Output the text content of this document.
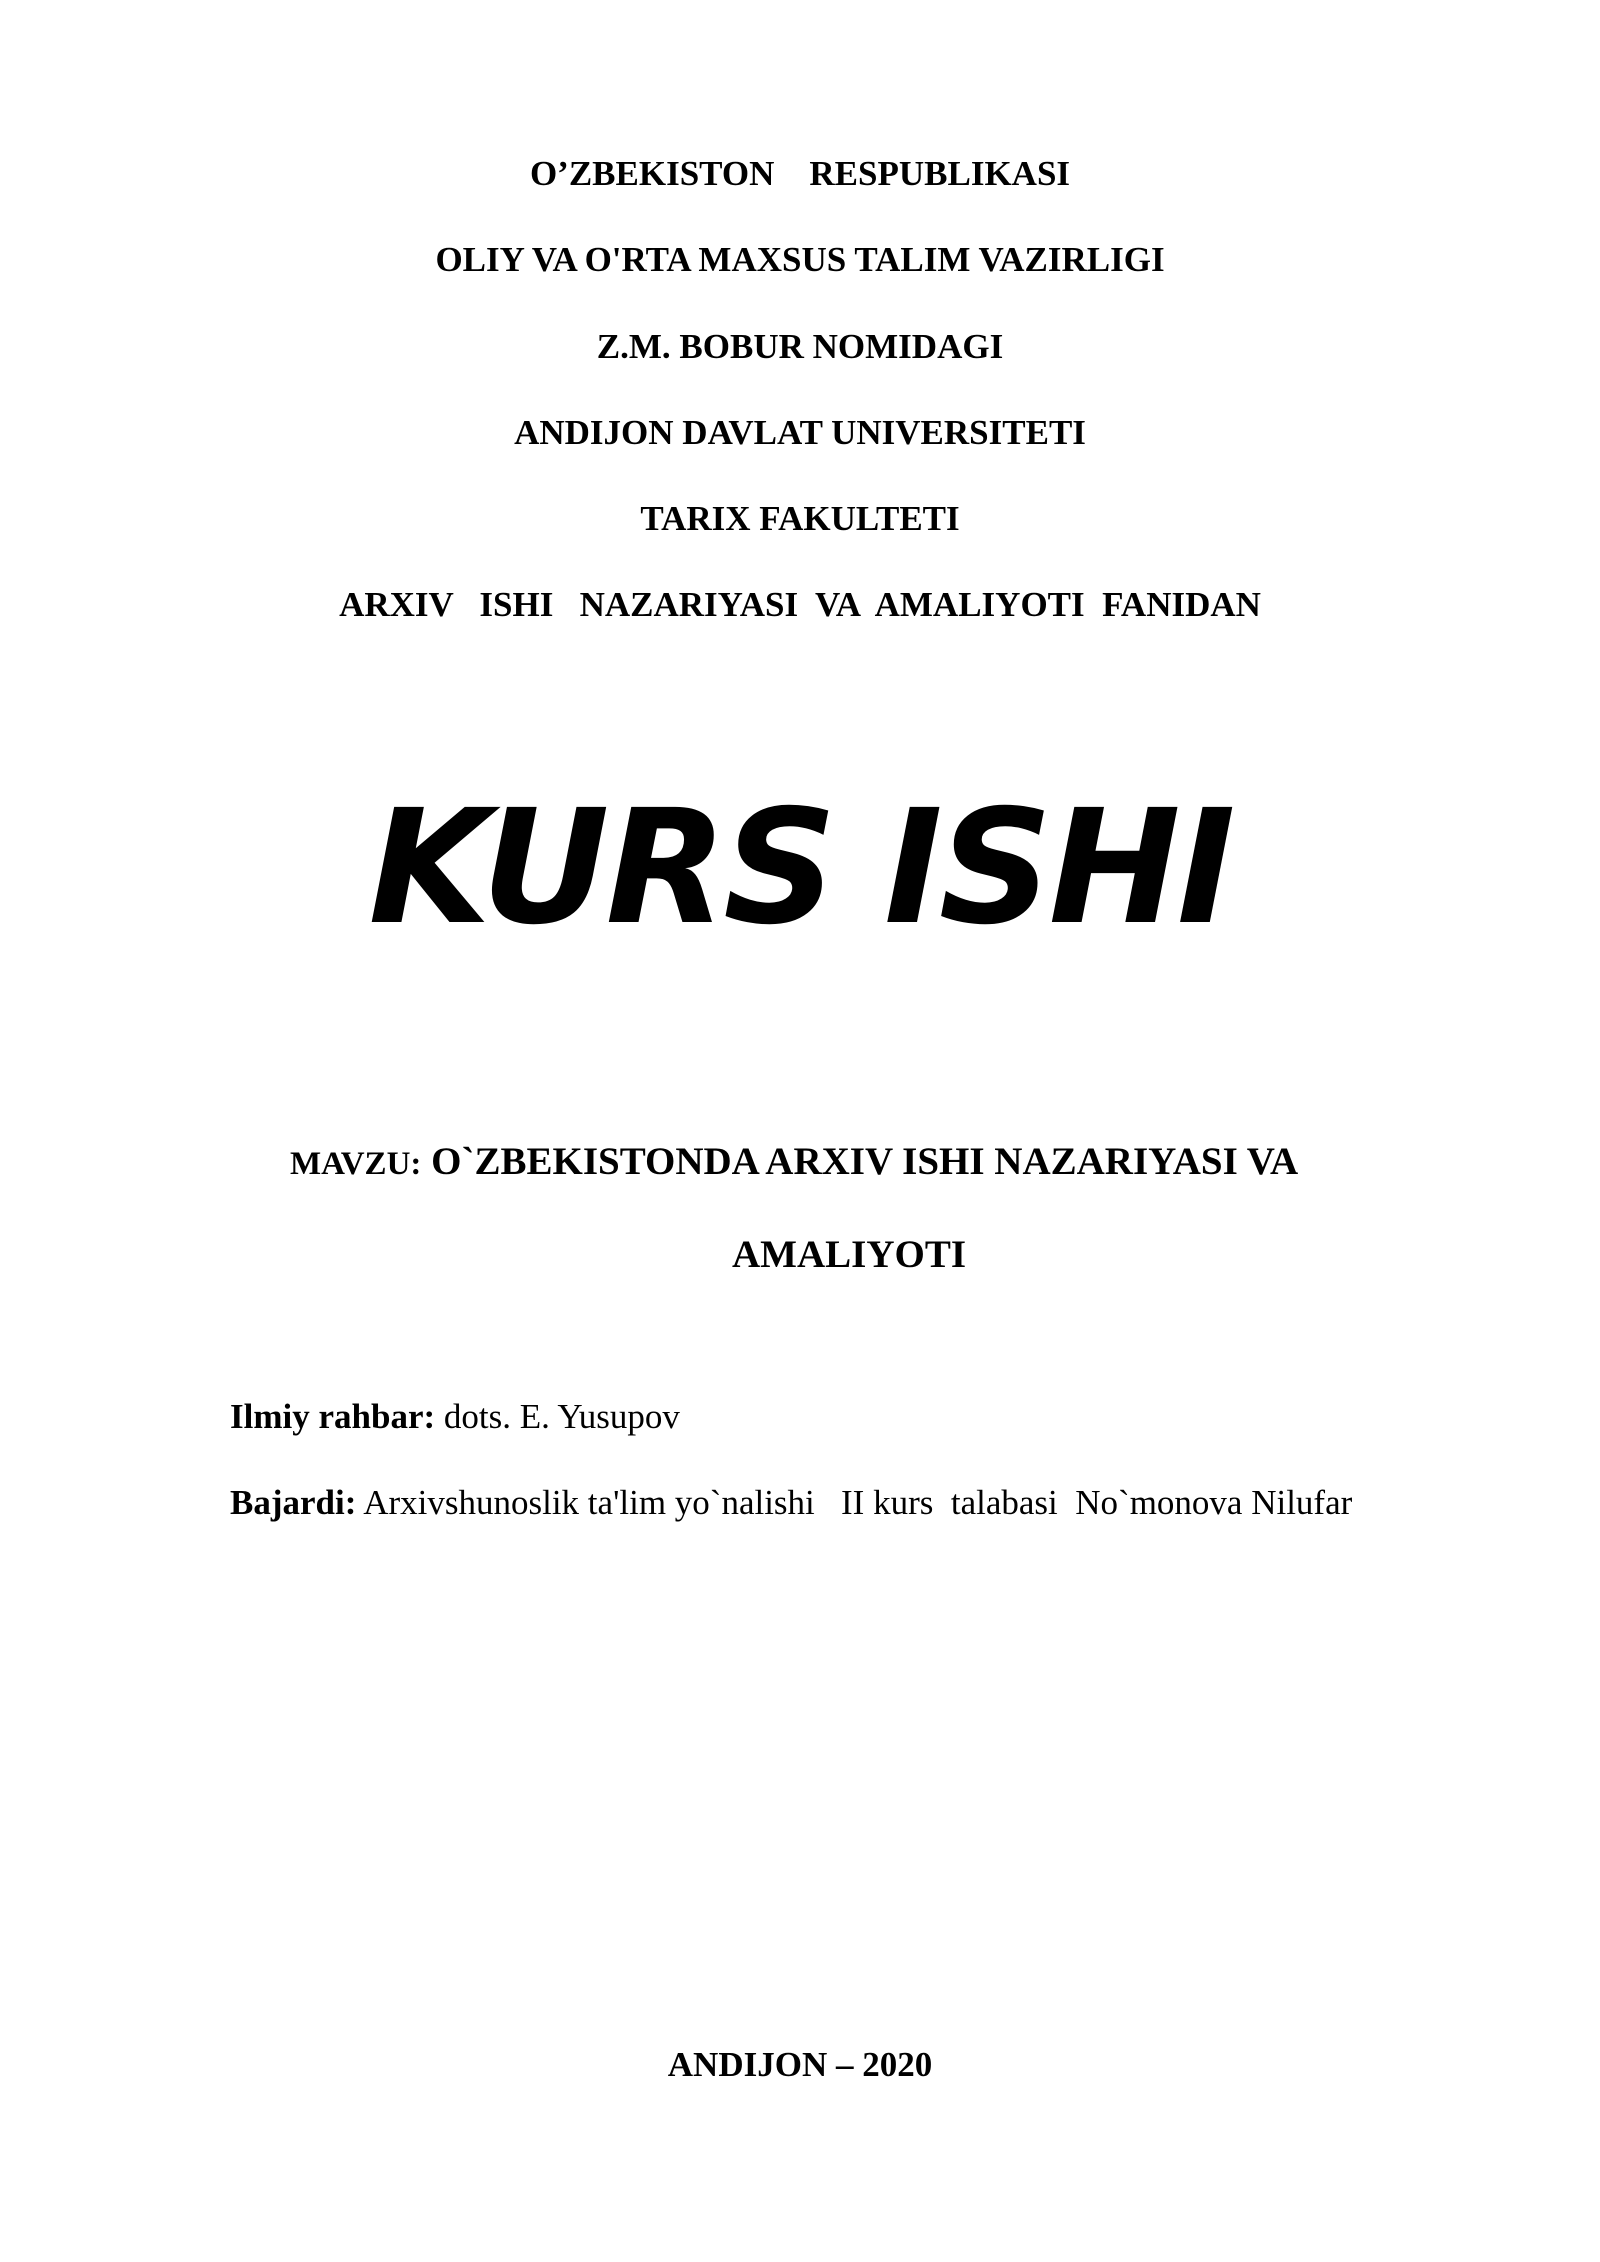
O’ZBEKISTON    RESPUBLIKASI
OLIY VA O'RTA MAXSUS TALIM VAZIRLIGI
Z.M. BOBUR NOMIDAGI
ANDIJON DAVLAT UNIVERSITETI
TARIX FAKULTETI
ARXIV   ISHI   NAZARIYASI  VA  AMALIYOTI  FANIDAN
KURS ISHI
MAVZU: O`ZBEKISTONDA ARXIV ISHI NAZARIYASI VA
AMALIYOTI
Ilmiy rahbar: dots. E. Yusupov
Bajardi: Arxivshunoslik ta'lim yo`nalishi   II kurs  talabasi  No`monova Nilufar
ANDIJON – 2020
